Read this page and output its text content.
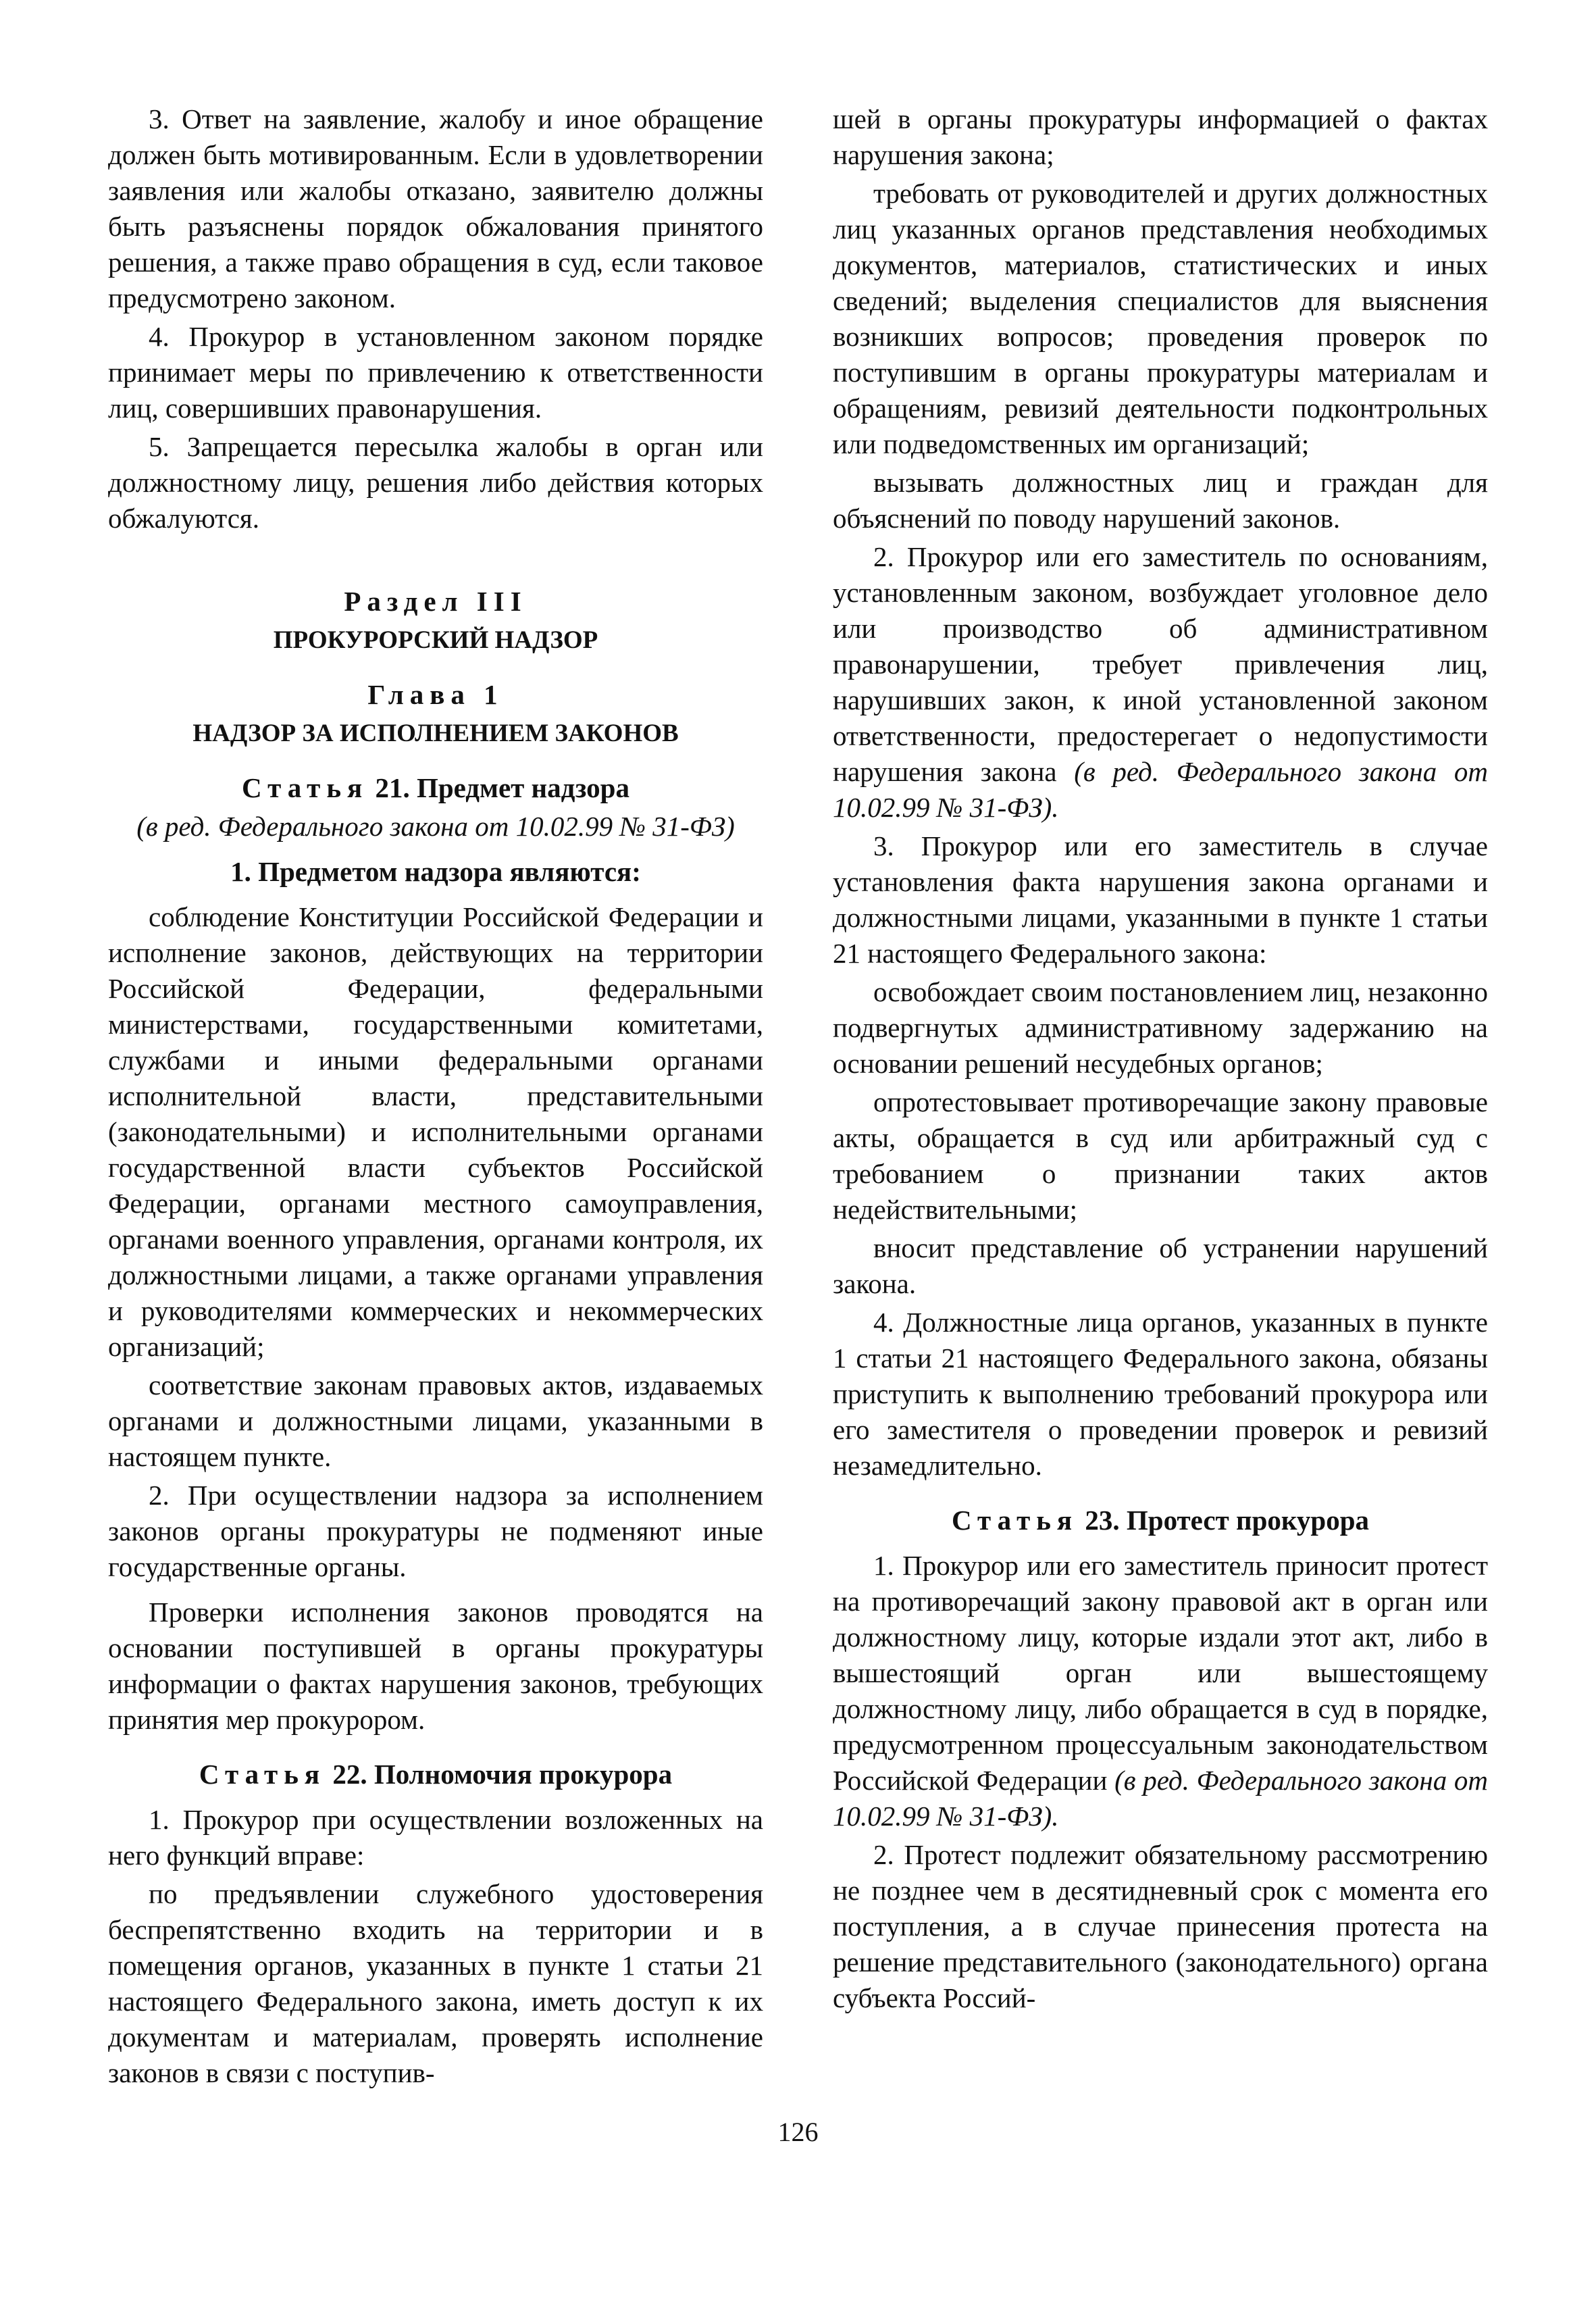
3. Ответ на заявление, жалобу и иное обращение должен быть мотивированным. Если в удовлетворении заявления или жалобы отказано, заявителю должны быть разъяснены порядок обжалования принятого решения, а также право обращения в суд, если таковое предусмотрено законом.

4. Прокурор в установленном законом порядке принимает меры по привлечению к ответственности лиц, совершивших правонарушения.

5. Запрещается пересылка жалобы в орган или должностному лицу, решения либо действия которых обжалуются.

Раздел III

ПРОКУРОРСКИЙ НАДЗОР

Глава 1

НАДЗОР ЗА ИСПОЛНЕНИЕМ ЗАКОНОВ

Статья 21. Предмет надзора

(в ред. Федерального закона от 10.02.99 № 31-ФЗ)

1. Предметом надзора являются:

соблюдение Конституции Российской Федерации и исполнение законов, действующих на территории Российской Федерации, федеральными министерствами, государственными комитетами, службами и иными федеральными органами исполнительной власти, представительными (законодательными) и исполнительными органами государственной власти субъектов Российской Федерации, органами местного самоуправления, органами военного управления, органами контроля, их должностными лицами, а также органами управления и руководителями коммерческих и некоммерческих организаций;

соответствие законам правовых актов, издаваемых органами и должностными лицами, указанными в настоящем пункте.

2. При осуществлении надзора за исполнением законов органы прокуратуры не подменяют иные государственные органы.

Проверки исполнения законов проводятся на основании поступившей в органы прокуратуры информации о фактах нарушения законов, требующих принятия мер прокурором.

Статья 22. Полномочия прокурора

1. Прокурор при осуществлении возложенных на него функций вправе:

по предъявлении служебного удостоверения беспрепятственно входить на территории и в помещения органов, указанных в пункте 1 статьи 21 настоящего Федерального закона, иметь доступ к их документам и материалам, проверять исполнение законов в связи с поступив-

шей в органы прокуратуры информацией о фактах нарушения закона;

требовать от руководителей и других должностных лиц указанных органов представления необходимых документов, материалов, статистических и иных сведений; выделения специалистов для выяснения возникших вопросов; проведения проверок по поступившим в органы прокуратуры материалам и обращениям, ревизий деятельности подконтрольных или подведомственных им организаций;

вызывать должностных лиц и граждан для объяснений по поводу нарушений законов.

2. Прокурор или его заместитель по основаниям, установленным законом, возбуждает уголовное дело или производство об административном правонарушении, требует привлечения лиц, нарушивших закон, к иной установленной законом ответственности, предостерегает о недопустимости нарушения закона (в ред. Федерального закона от 10.02.99 № 31-ФЗ).

3. Прокурор или его заместитель в случае установления факта нарушения закона органами и должностными лицами, указанными в пункте 1 статьи 21 настоящего Федерального закона:

освобождает своим постановлением лиц, незаконно подвергнутых административному задержанию на основании решений несудебных органов;

опротестовывает противоречащие закону правовые акты, обращается в суд или арбитражный суд с требованием о признании таких актов недействительными;

вносит представление об устранении нарушений закона.

4. Должностные лица органов, указанных в пункте 1 статьи 21 настоящего Федерального закона, обязаны приступить к выполнению требований прокурора или его заместителя о проведении проверок и ревизий незамедлительно.

Статья 23. Протест прокурора

1. Прокурор или его заместитель приносит протест на противоречащий закону правовой акт в орган или должностному лицу, которые издали этот акт, либо в вышестоящий орган или вышестоящему должностному лицу, либо обращается в суд в порядке, предусмотренном процессуальным законодательством Российской Федерации (в ред. Федерального закона от 10.02.99 № 31-ФЗ).

2. Протест подлежит обязательному рассмотрению не позднее чем в десятидневный срок с момента его поступления, а в случае принесения протеста на решение представительного (законодательного) органа субъекта Россий-

126
